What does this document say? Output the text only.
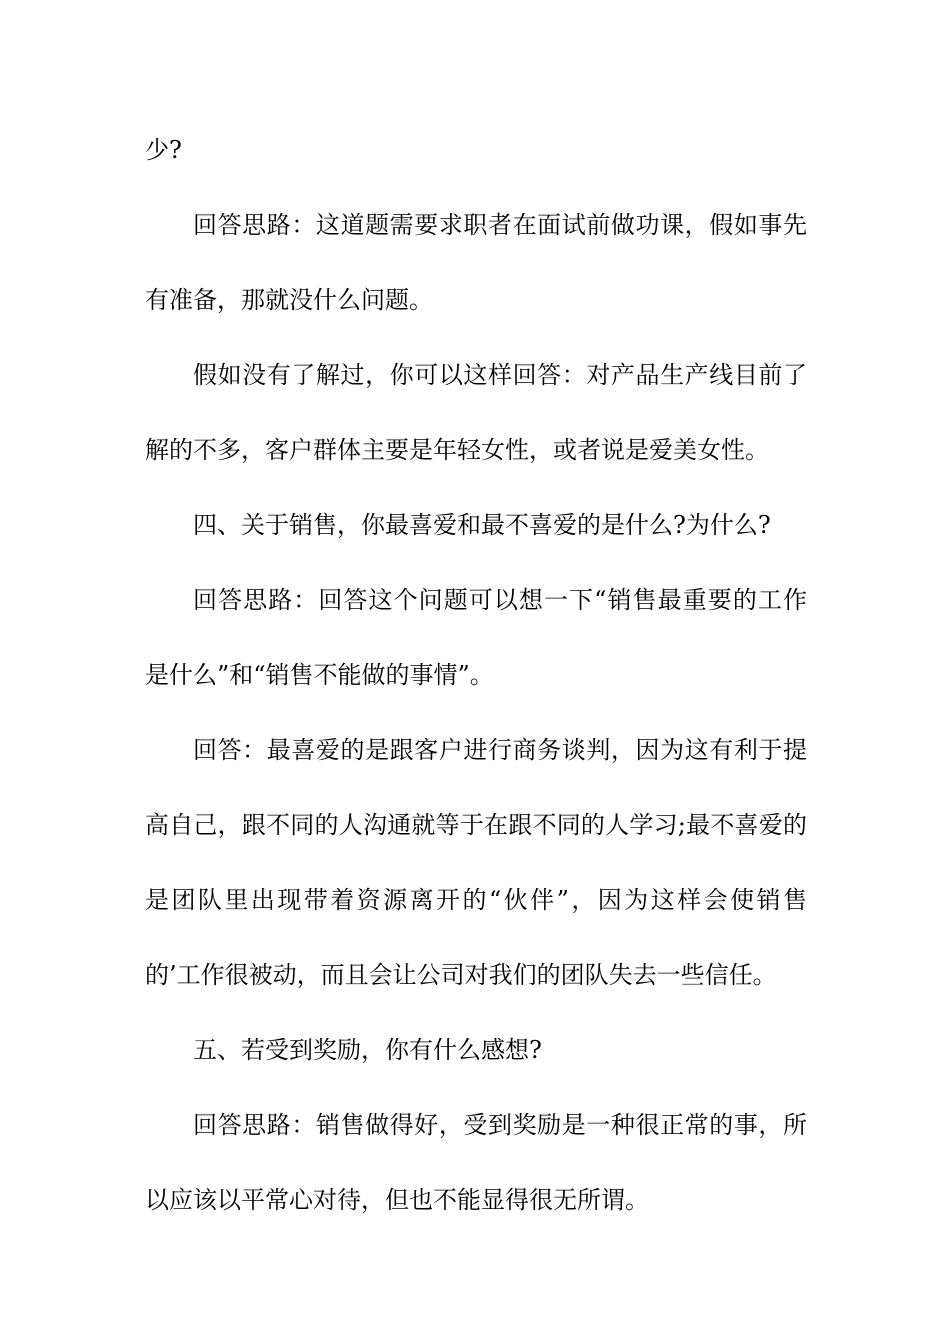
少?
回答思路：这道题需要求职者在面试前做功课，假如事先
有准备，那就没什么问题。
假如没有了解过，你可以这样回答：对产品生产线目前了
解的不多，客户群体主要是年轻女性，或者说是爱美女性。
四、关于销售，你最喜爱和最不喜爱的是什么?为什么?
回答思路：回答这个问题可以想一下“销售最重要的工作
是什么”和“销售不能做的事情”。
回答：最喜爱的是跟客户进行商务谈判，因为这有利于提
高自己，跟不同的人沟通就等于在跟不同的人学习;最不喜爱的
是团队里出现带着资源离开的“伙伴”，因为这样会使销售
的’工作很被动，而且会让公司对我们的团队失去一些信任。
五、若受到奖励，你有什么感想?
回答思路：销售做得好，受到奖励是一种很正常的事，所
以应该以平常心对待，但也不能显得很无所谓。
